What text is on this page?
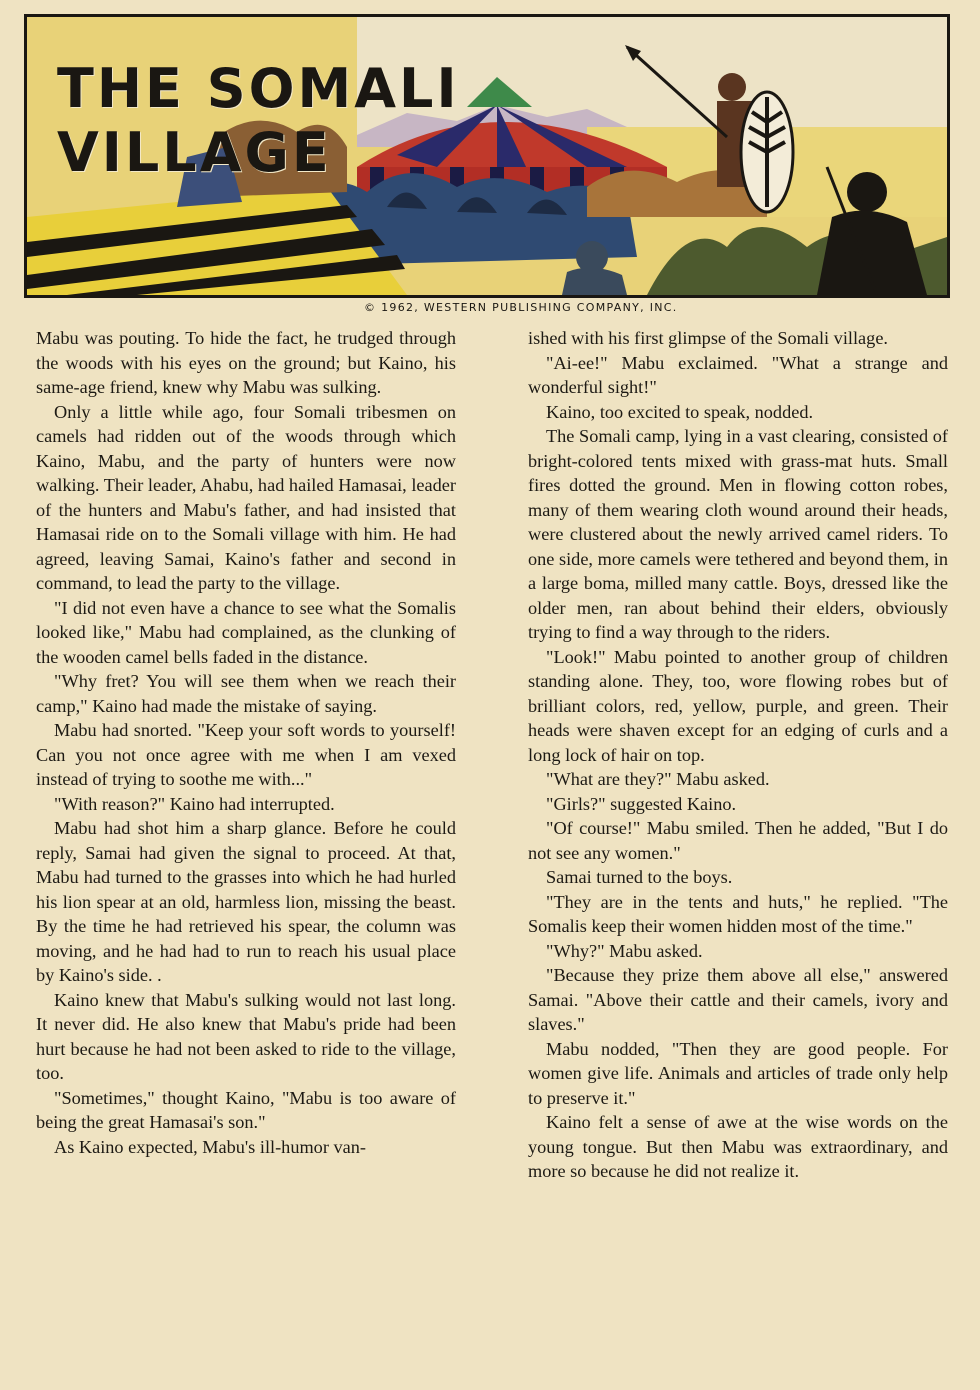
THE SOMALI
VILLAGE
© 1962, WESTERN PUBLISHING COMPANY, INC.

Mabu was pouting. To hide the fact, he trudged through the woods with his eyes on the ground; but Kaino, his same-age friend, knew why Mabu was sulking.

Only a little while ago, four Somali tribesmen on camels had ridden out of the woods through which Kaino, Mabu, and the party of hunters were now walking. Their leader, Ahabu, had hailed Hamasai, leader of the hunters and Mabu's father, and had insisted that Hamasai ride on to the Somali village with him. He had agreed, leaving Samai, Kaino's father and second in command, to lead the party to the village.

"I did not even have a chance to see what the Somalis looked like," Mabu had complained, as the clunking of the wooden camel bells faded in the distance.

"Why fret? You will see them when we reach their camp," Kaino had made the mistake of saying.

Mabu had snorted. "Keep your soft words to yourself! Can you not once agree with me when I am vexed instead of trying to soothe me with..."

"With reason?" Kaino had interrupted.

Mabu had shot him a sharp glance. Before he could reply, Samai had given the signal to proceed. At that, Mabu had turned to the grasses into which he had hurled his lion spear at an old, harmless lion, missing the beast. By the time he had retrieved his spear, the column was moving, and he had had to run to reach his usual place by Kaino's side. .

Kaino knew that Mabu's sulking would not last long. It never did. He also knew that Mabu's pride had been hurt because he had not been asked to ride to the village, too.

"Sometimes," thought Kaino, "Mabu is too aware of being the great Hamasai's son."

As Kaino expected, Mabu's ill-humor van-

ished with his first glimpse of the Somali village.

"Ai-ee!" Mabu exclaimed. "What a strange and wonderful sight!"

Kaino, too excited to speak, nodded.

The Somali camp, lying in a vast clearing, consisted of bright-colored tents mixed with grass-mat huts. Small fires dotted the ground. Men in flowing cotton robes, many of them wearing cloth wound around their heads, were clustered about the newly arrived camel riders. To one side, more camels were tethered and beyond them, in a large boma, milled many cattle. Boys, dressed like the older men, ran about behind their elders, obviously trying to find a way through to the riders.

"Look!" Mabu pointed to another group of children standing alone. They, too, wore flowing robes but of brilliant colors, red, yellow, purple, and green. Their heads were shaven except for an edging of curls and a long lock of hair on top.

"What are they?" Mabu asked.

"Girls?" suggested Kaino.

"Of course!" Mabu smiled. Then he added, "But I do not see any women."

Samai turned to the boys.

"They are in the tents and huts," he replied. "The Somalis keep their women hidden most of the time."

"Why?" Mabu asked.

"Because they prize them above all else," answered Samai. "Above their cattle and their camels, ivory and slaves."

Mabu nodded, "Then they are good people. For women give life. Animals and articles of trade only help to preserve it."

Kaino felt a sense of awe at the wise words on the young tongue. But then Mabu was extraordinary, and more so because he did not realize it.
